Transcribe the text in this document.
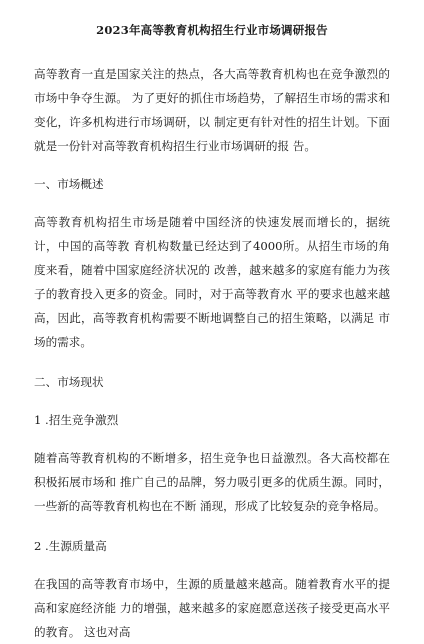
2023年高等教育机构招生行业市场调研报告

高等教育一直是国家关注的热点，各大高等教育机构也在竞争激烈的市场中争夺生源。 为了更好的抓住市场趋势，了解招生市场的需求和变化，许多机构进行市场调研，以 制定更有针对性的招生计划。下面就是一份针对高等教育机构招生行业市场调研的报 告。

一、市场概述

高等教育机构招生市场是随着中国经济的快速发展而增长的，据统计，中国的高等教 育机构数量已经达到了4000所。从招生市场的角度来看，随着中国家庭经济状况的 改善，越来越多的家庭有能力为孩子的教育投入更多的资金。同时，对于高等教育水 平的要求也越来越高，因此，高等教育机构需要不断地调整自己的招生策略，以满足 市场的需求。

二、市场现状

1 .招生竞争激烈

随着高等教育机构的不断增多，招生竞争也日益激烈。各大高校都在积极拓展市场和 推广自己的品牌，努力吸引更多的优质生源。同时，一些新的高等教育机构也在不断 涌现，形成了比较复杂的竞争格局。

2 .生源质量高

在我国的高等教育市场中，生源的质量越来越高。随着教育水平的提高和家庭经济能 力的增强，越来越多的家庭愿意送孩子接受更高水平的教育。 这也对高
